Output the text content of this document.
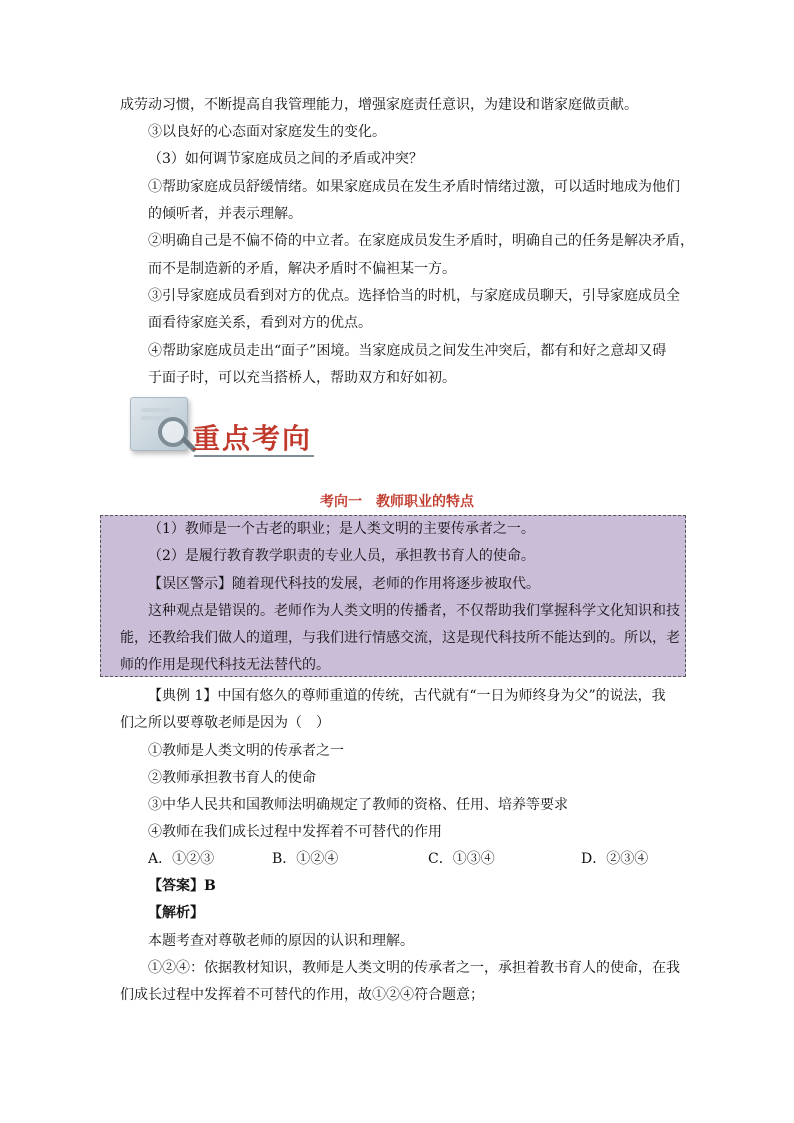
成劳动习惯，不断提高自我管理能力，增强家庭责任意识，为建设和谐家庭做贡献。
③以良好的心态面对家庭发生的变化。
（3）如何调节家庭成员之间的矛盾或冲突？
①帮助家庭成员舒缓情绪。如果家庭成员在发生矛盾时情绪过激，可以适时地成为他们
的倾听者，并表示理解。
②明确自己是不偏不倚的中立者。在家庭成员发生矛盾时，明确自己的任务是解决矛盾，
而不是制造新的矛盾，解决矛盾时不偏袒某一方。
③引导家庭成员看到对方的优点。选择恰当的时机，与家庭成员聊天，引导家庭成员全
面看待家庭关系，看到对方的优点。
④帮助家庭成员走出“面子”困境。当家庭成员之间发生冲突后，都有和好之意却又碍
于面子时，可以充当搭桥人，帮助双方和好如初。
重点考向
考向一　教师职业的特点
（1）教师是一个古老的职业；是人类文明的主要传承者之一。
（2）是履行教育教学职责的专业人员，承担教书育人的使命。
【误区警示】随着现代科技的发展，老师的作用将逐步被取代。
这种观点是错误的。老师作为人类文明的传播者，不仅帮助我们掌握科学文化知识和技
能，还教给我们做人的道理，与我们进行情感交流，这是现代科技所不能达到的。所以，老
师的作用是现代科技无法替代的。
【典例 1】中国有悠久的尊师重道的传统，古代就有“一日为师终身为父”的说法，我
们之所以要尊敬老师是因为（　）
①教师是人类文明的传承者之一
②教师承担教书育人的使命
③中华人民共和国教师法明确规定了教师的资格、任用、培养等要求
④教师在我们成长过程中发挥着不可替代的作用
A．①②③	B．①②④	C．①③④	D．②③④
【答案】B
【解析】
本题考查对尊敬老师的原因的认识和理解。
①②④：依据教材知识，教师是人类文明的传承者之一，承担着教书育人的使命，在我
们成长过程中发挥着不可替代的作用，故①②④符合题意；
